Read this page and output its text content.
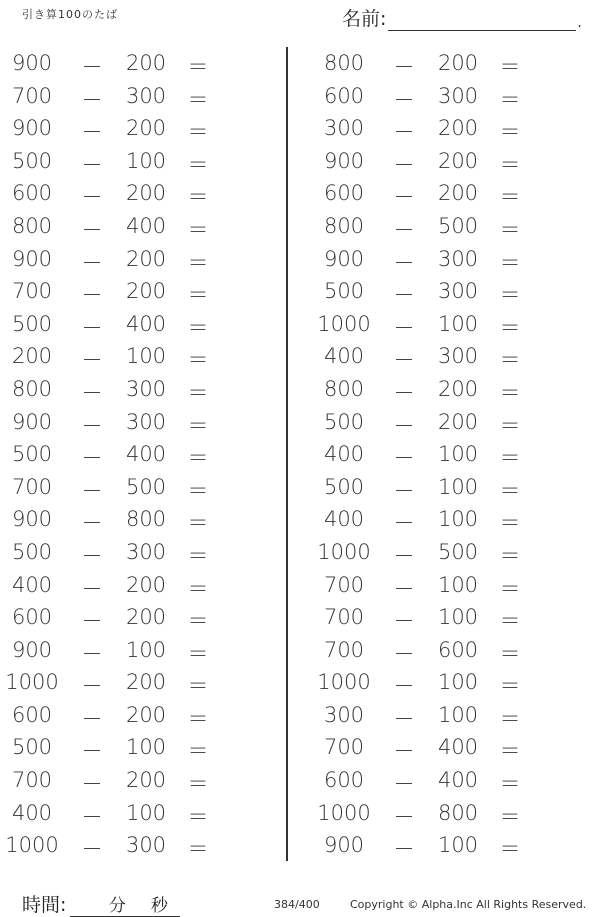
引き算100のたば	名前:	.
900	－	200	＝
700	－	300	＝
900	－	200	＝
500	－	100	＝
600	－	200	＝
800	－	400	＝
900	－	200	＝
700	－	200	＝
500	－	400	＝
200	－	100	＝
800	－	300	＝
900	－	300	＝
500	－	400	＝
700	－	500	＝
900	－	800	＝
500	－	300	＝
400	－	200	＝
600	－	200	＝
900	－	100	＝
1000 －	200	＝
600	－	200	＝
500	－	100	＝
700	－	200	＝
400	－	100	＝
1000 －	300	＝
800	－	200	＝
600	－	300	＝
300	－	200	＝
900	－	200	＝
600	－	200	＝
800	－	500	＝
900	－	300	＝
500	－	300	＝
1000 －	100	＝
400	－	300	＝
800	－	200	＝
500	－	200	＝
400	－	100	＝
500	－	100	＝
400	－	100	＝
1000 －	500	＝
700	－	100	＝
700	－	100	＝
700	－	600	＝
1000 －	100	＝
300	－	100	＝
700	－	400	＝
600	－	400	＝
1000 －	800	＝
900	－	100	＝
時間:	分 秒	384/400	Copyright © Alpha.Inc All Rights Reserved.
